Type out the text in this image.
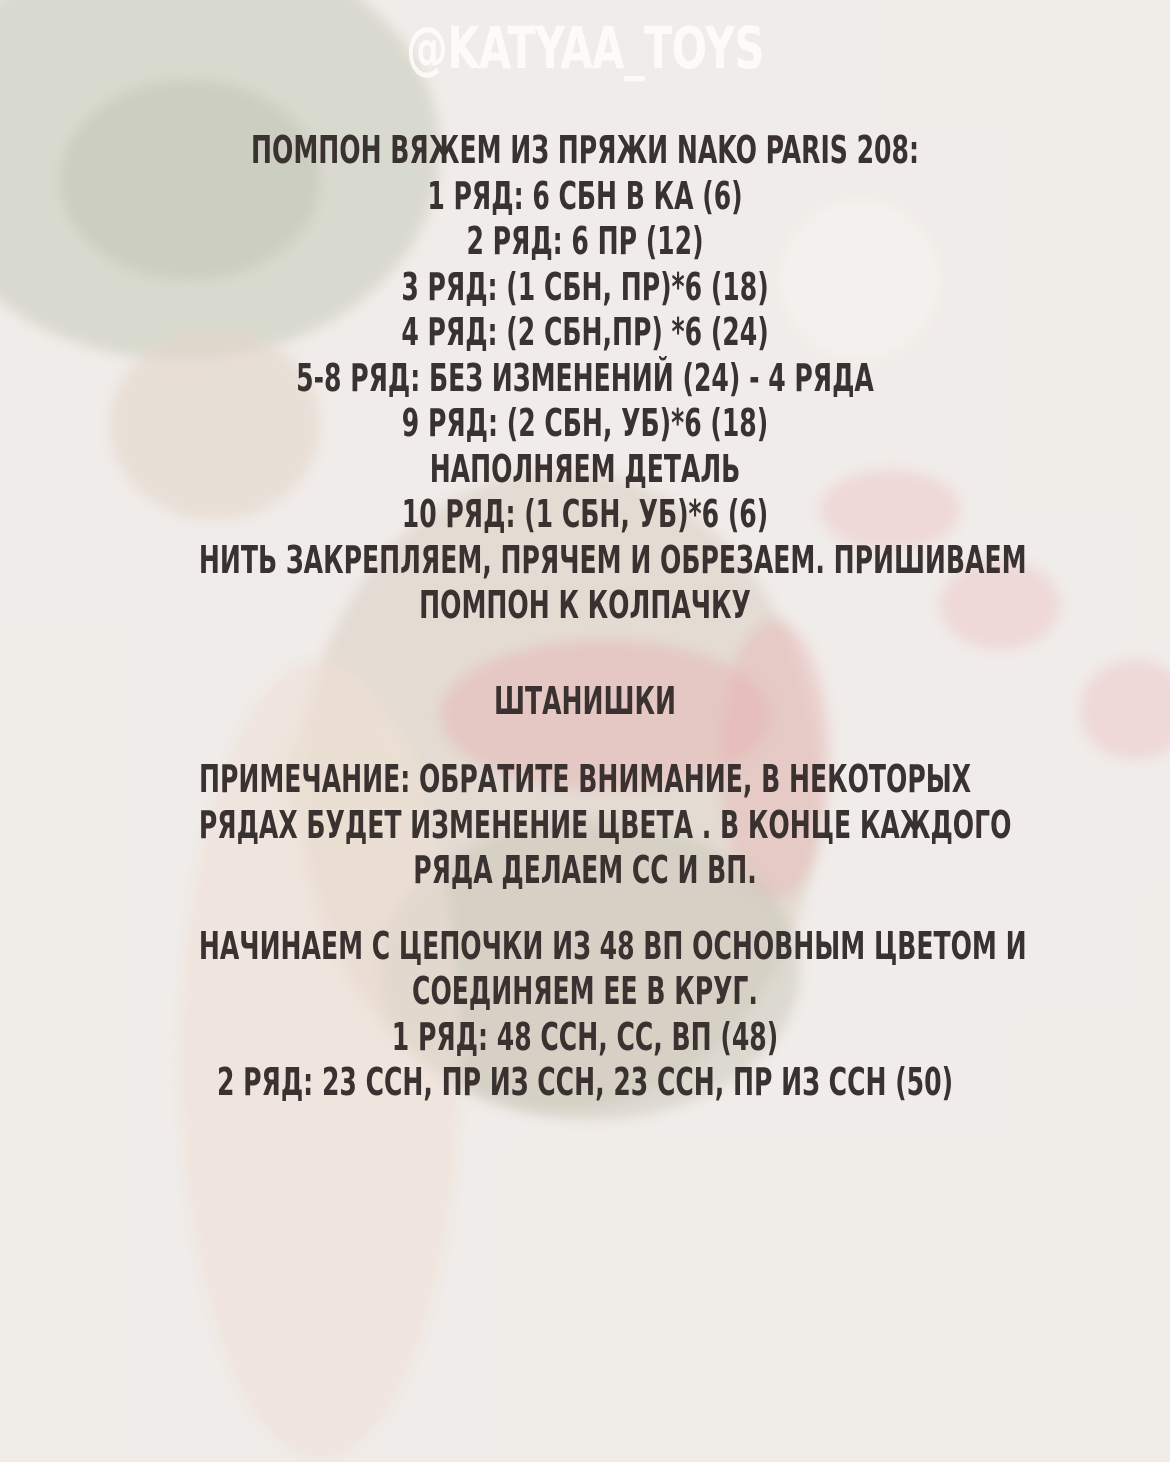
@KATYAA_TOYS
ПОМПОН ВЯЖЕМ ИЗ ПРЯЖИ NAKO PARIS 208:
1 РЯД: 6 СБН В КА (6)
2 РЯД: 6 ПР (12)
3 РЯД: (1 СБН, ПР)*6 (18)
4 РЯД: (2 СБН,ПР) *6 (24)
5-8 РЯД: БЕЗ ИЗМЕНЕНИЙ (24) - 4 РЯДА
9 РЯД: (2 СБН, УБ)*6 (18)
НАПОЛНЯЕМ ДЕТАЛЬ
10 РЯД: (1 СБН, УБ)*6 (6)
НИТЬ ЗАКРЕПЛЯЕМ, ПРЯЧЕМ И ОБРЕЗАЕМ. ПРИШИВАЕМ
ПОМПОН К КОЛПАЧКУ
ШТАНИШКИ
ПРИМЕЧАНИЕ: ОБРАТИТЕ ВНИМАНИЕ, В НЕКОТОРЫХ
РЯДАХ БУДЕТ ИЗМЕНЕНИЕ ЦВЕТА . В КОНЦЕ КАЖДОГО
РЯДА ДЕЛАЕМ СС И ВП.
НАЧИНАЕМ С ЦЕПОЧКИ ИЗ 48 ВП ОСНОВНЫМ ЦВЕТОМ И
СОЕДИНЯЕМ ЕЕ В КРУГ.
1 РЯД: 48 ССН, СС, ВП (48)
2 РЯД: 23 ССН, ПР ИЗ ССН, 23 ССН, ПР ИЗ ССН (50)
